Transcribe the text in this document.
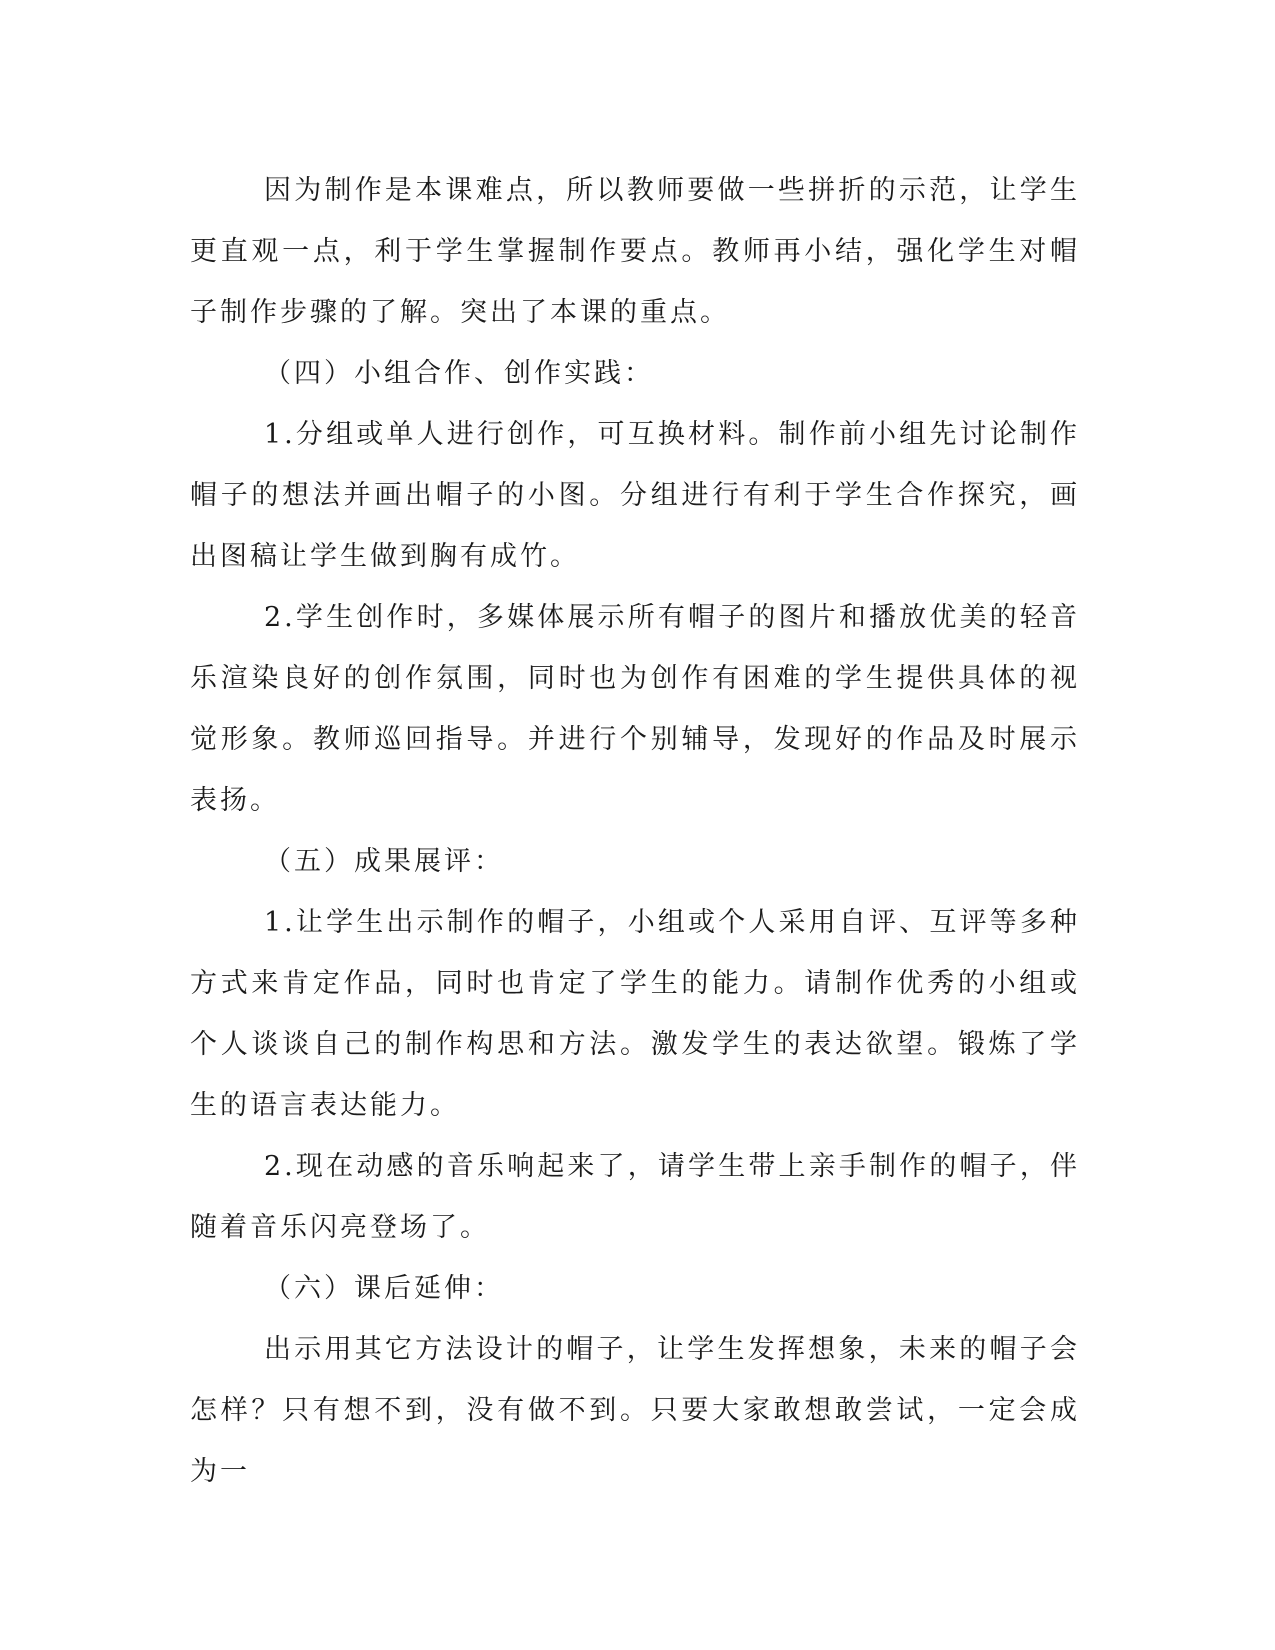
因为制作是本课难点，所以教师要做一些拼折的示范，让学生更直观一点，利于学生掌握制作要点。教师再小结，强化学生对帽子制作步骤的了解。突出了本课的重点。

（四）小组合作、创作实践：

1.分组或单人进行创作，可互换材料。制作前小组先讨论制作帽子的想法并画出帽子的小图。分组进行有利于学生合作探究，画出图稿让学生做到胸有成竹。

2.学生创作时，多媒体展示所有帽子的图片和播放优美的轻音乐渲染良好的创作氛围，同时也为创作有困难的学生提供具体的视觉形象。教师巡回指导。并进行个别辅导，发现好的作品及时展示表扬。

（五）成果展评：

1.让学生出示制作的帽子，小组或个人采用自评、互评等多种方式来肯定作品，同时也肯定了学生的能力。请制作优秀的小组或个人谈谈自己的制作构思和方法。激发学生的表达欲望。锻炼了学生的语言表达能力。

2.现在动感的音乐响起来了，请学生带上亲手制作的帽子，伴随着音乐闪亮登场了。

（六）课后延伸：

出示用其它方法设计的帽子，让学生发挥想象，未来的帽子会怎样？只有想不到，没有做不到。只要大家敢想敢尝试，一定会成为一
